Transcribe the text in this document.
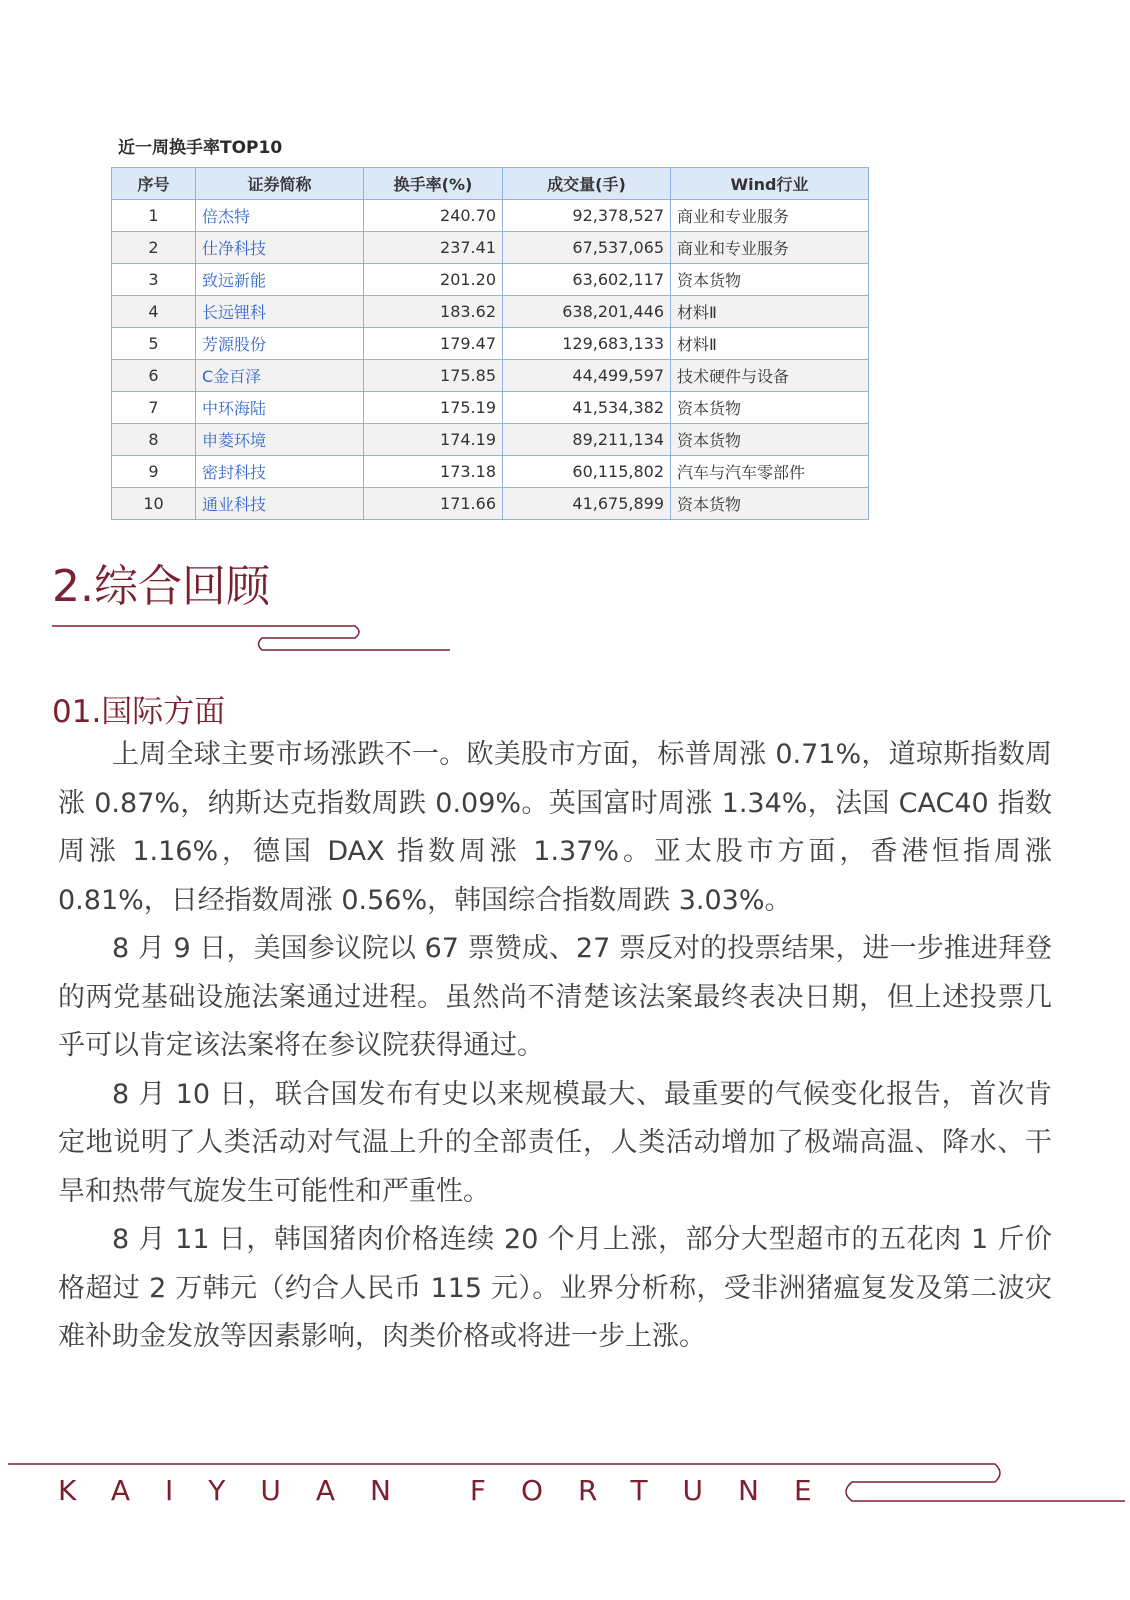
近一周换手率TOP10
序号	证券简称	换手率(%)	成交量(手)	Wind行业
1	倍杰特	240.70	92,378,527	商业和专业服务
2	仕净科技	237.41	67,537,065	商业和专业服务
3	致远新能	201.20	63,602,117	资本货物
4	长远锂科	183.62	638,201,446	材料Ⅱ
5	芳源股份	179.47	129,683,133	材料Ⅱ
6	C金百泽	175.85	44,499,597	技术硬件与设备
7	中环海陆	175.19	41,534,382	资本货物
8	申菱环境	174.19	89,211,134	资本货物
9	密封科技	173.18	60,115,802	汽车与汽车零部件
10	通业科技	171.66	41,675,899	资本货物
2.综合回顾
01.国际方面

上周全球主要市场涨跌不一。欧美股市方面，标普周涨 0.71%，道琼斯指数周涨 0.87%，纳斯达克指数周跌 0.09%。英国富时周涨 1.34%，法国 CAC40 指数周涨 1.16%，德国 DAX 指数周涨 1.37%。亚太股市方面，香港恒指周涨 0.81%，日经指数周涨 0.56%，韩国综合指数周跌 3.03%。

8 月 9 日，美国参议院以 67 票赞成、27 票反对的投票结果，进一步推进拜登的两党基础设施法案通过进程。虽然尚不清楚该法案最终表决日期，但上述投票几乎可以肯定该法案将在参议院获得通过。

8 月 10 日，联合国发布有史以来规模最大、最重要的气候变化报告，首次肯定地说明了人类活动对气温上升的全部责任，人类活动增加了极端高温、降水、干旱和热带气旋发生可能性和严重性。

8 月 11 日，韩国猪肉价格连续 20 个月上涨，部分大型超市的五花肉 1 斤价格超过 2 万韩元（约合人民币 115 元）。业界分析称，受非洲猪瘟复发及第二波灾难补助金发放等因素影响，肉类价格或将进一步上涨。

KAIYUAN FORTUNE
